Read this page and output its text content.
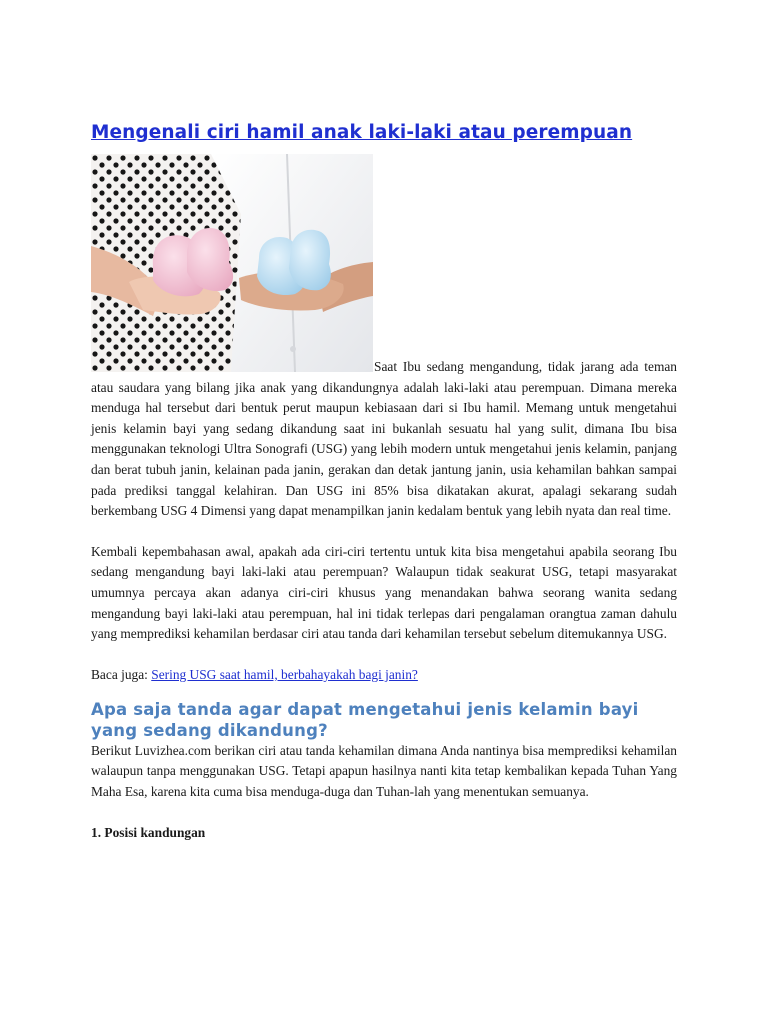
Mengenali ciri hamil anak laki-laki atau perempuan

Saat Ibu sedang mengandung, tidak jarang ada teman atau saudara yang bilang jika anak yang dikandungnya adalah laki-laki atau perempuan. Dimana mereka menduga hal tersebut dari bentuk perut maupun kebiasaan dari si Ibu hamil. Memang untuk mengetahui jenis kelamin bayi yang sedang dikandung saat ini bukanlah sesuatu hal yang sulit, dimana Ibu bisa menggunakan teknologi Ultra Sonografi (USG) yang lebih modern untuk mengetahui jenis kelamin, panjang dan berat tubuh janin, kelainan pada janin, gerakan dan detak jantung janin, usia kehamilan bahkan sampai pada prediksi tanggal kelahiran. Dan USG ini 85% bisa dikatakan akurat, apalagi sekarang sudah berkembang USG 4 Dimensi yang dapat menampilkan janin kedalam bentuk yang lebih nyata dan real time.

Kembali kepembahasan awal, apakah ada ciri-ciri tertentu untuk kita bisa mengetahui apabila seorang Ibu sedang mengandung bayi laki-laki atau perempuan? Walaupun tidak seakurat USG, tetapi masyarakat umumnya percaya akan adanya ciri-ciri khusus yang menandakan bahwa seorang wanita sedang mengandung bayi laki-laki atau perempuan, hal ini tidak terlepas dari pengalaman orangtua zaman dahulu yang memprediksi kehamilan berdasar ciri atau tanda dari kehamilan tersebut sebelum ditemukannya USG.

Baca juga: Sering USG saat hamil, berbahayakah bagi janin?

Apa saja tanda agar dapat mengetahui jenis kelamin bayi yang sedang dikandung?

Berikut Luvizhea.com berikan ciri atau tanda kehamilan dimana Anda nantinya bisa memprediksi kehamilan walaupun tanpa menggunakan USG. Tetapi apapun hasilnya nanti kita tetap kembalikan kepada Tuhan Yang Maha Esa, karena kita cuma bisa menduga-duga dan Tuhan-lah yang menentukan semuanya.

1. Posisi kandungan
